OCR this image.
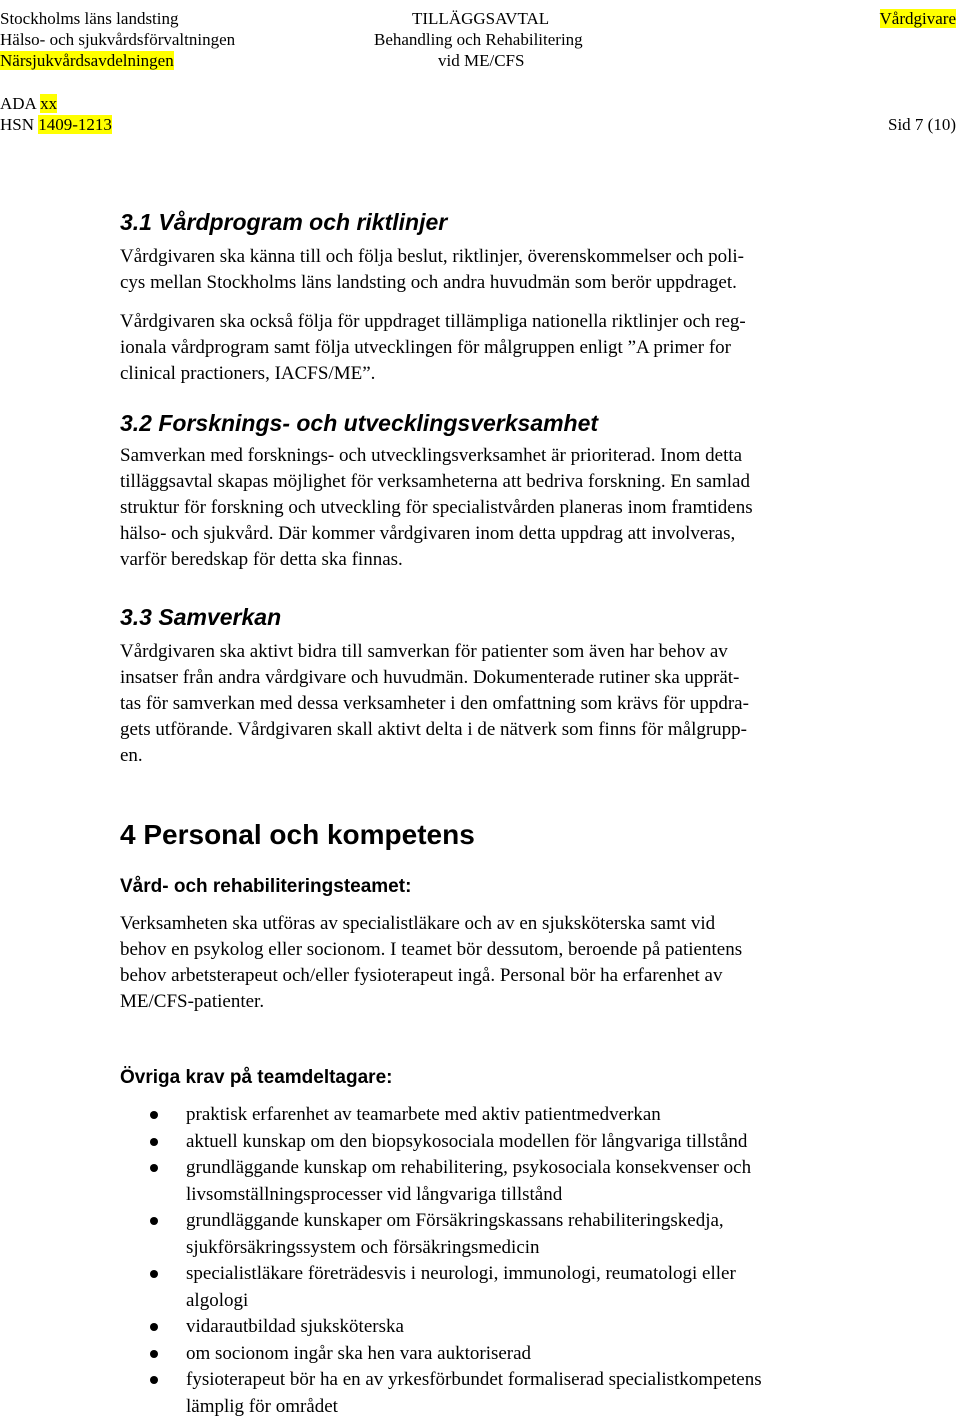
Stockholms läns landsting
Hälso- och sjukvårdsförvaltningen
Närsjukvårdsavdelningen
TILLÄGGSAVTAL
Behandling och Rehabilitering
vid ME/CFS
Vårdgivare
ADA xx
HSN 1409-1213	Sid 7 (10)
3.1 Vårdprogram och riktlinjer
Vårdgivaren ska känna till och följa beslut, riktlinjer, överenskommelser och poli-
cys mellan Stockholms läns landsting och andra huvudmän som berör uppdraget.
Vårdgivaren ska också följa för uppdraget tillämpliga nationella riktlinjer och reg-
ionala vårdprogram samt följa utvecklingen för målgruppen enligt ”A primer for
clinical practioners, IACFS/ME”.
3.2 Forsknings- och utvecklingsverksamhet
Samverkan med forsknings- och utvecklingsverksamhet är prioriterad. Inom detta
tilläggsavtal skapas möjlighet för verksamheterna att bedriva forskning. En samlad
struktur för forskning och utveckling för specialistvården planeras inom framtidens
hälso- och sjukvård. Där kommer vårdgivaren inom detta uppdrag att involveras,
varför beredskap för detta ska finnas.
3.3 Samverkan
Vårdgivaren ska aktivt bidra till samverkan för patienter som även har behov av
insatser från andra vårdgivare och huvudmän. Dokumenterade rutiner ska upprät-
tas för samverkan med dessa verksamheter i den omfattning som krävs för uppdra-
gets utförande. Vårdgivaren skall aktivt delta i de nätverk som finns för målgrupp-
en.
4 Personal och kompetens
Vård- och rehabiliteringsteamet:
Verksamheten ska utföras av specialistläkare och av en sjuksköterska samt vid
behov en psykolog eller socionom. I teamet bör dessutom, beroende på patientens
behov arbetsterapeut och/eller fysioterapeut ingå. Personal bör ha erfarenhet av
ME/CFS-patienter.
Övriga krav på teamdeltagare:
praktisk erfarenhet av teamarbete med aktiv patientmedverkan
aktuell kunskap om den biopsykosociala modellen för långvariga tillstånd
grundläggande kunskap om rehabilitering, psykosociala konsekvenser och
livsomställningsprocesser vid långvariga tillstånd
grundläggande kunskaper om Försäkringskassans rehabiliteringskedja,
sjukförsäkringssystem och försäkringsmedicin
specialistläkare företrädesvis i neurologi, immunologi, reumatologi eller
algologi
vidarautbildad sjuksköterska
om socionom ingår ska hen vara auktoriserad
fysioterapeut bör ha en av yrkesförbundet formaliserad specialistkompetens
lämplig för området
